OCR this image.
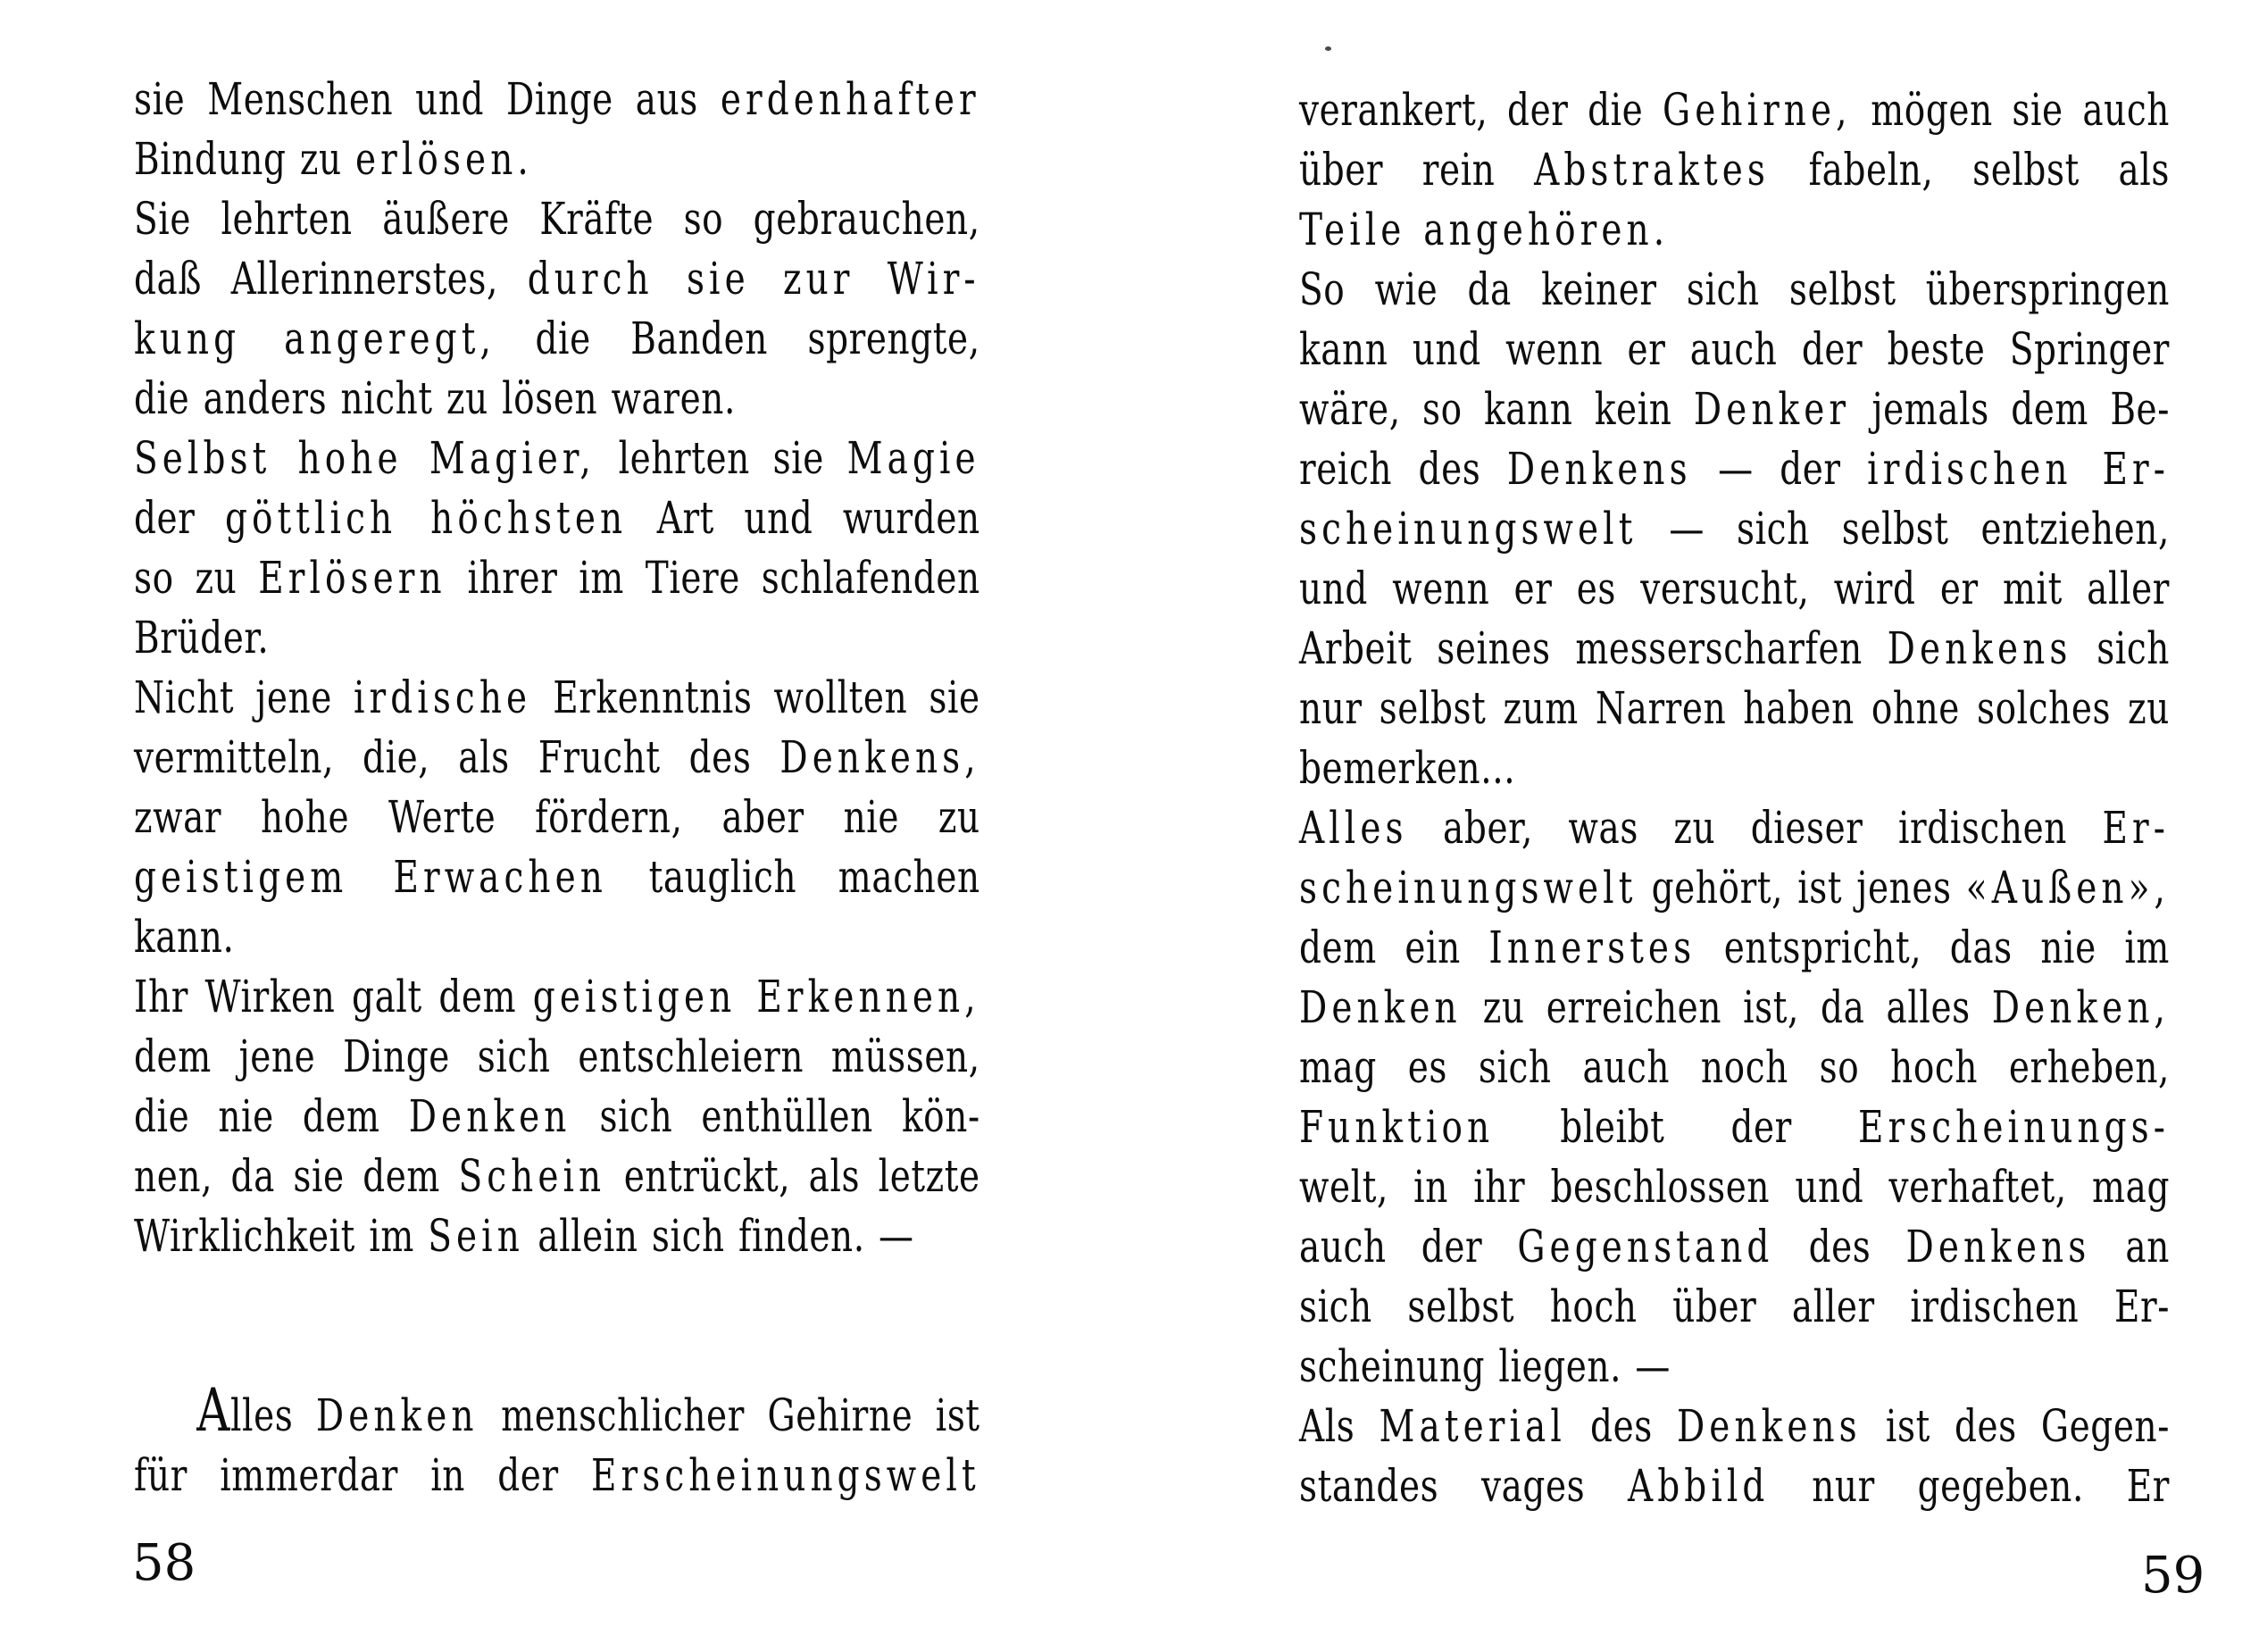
sie Menschen und Dinge aus erdenhafter
Bindung zu erlösen.
Sie lehrten äußere Kräfte so gebrauchen,
daß Allerinnerstes, durch sie zur Wir-
kung angeregt, die Banden sprengte,
die anders nicht zu lösen waren.
Selbst hohe Magier, lehrten sie Magie
der göttlich höchsten Art und wurden
so zu Erlösern ihrer im Tiere schlafenden
Brüder.
Nicht jene irdische Erkenntnis wollten sie
vermitteln, die, als Frucht des Denkens,
zwar hohe Werte fördern, aber nie zu
geistigem Erwachen tauglich machen
kann.
Ihr Wirken galt dem geistigen Erkennen,
dem jene Dinge sich entschleiern müssen,
die nie dem Denken sich enthüllen kön-
nen, da sie dem Schein entrückt, als letzte
Wirklichkeit im Sein allein sich finden. —
Alles Denken menschlicher Gehirne ist
für immerdar in der Erscheinungswelt
verankert, der die Gehirne, mögen sie auch
über rein Abstraktes fabeln, selbst als
Teile angehören.
So wie da keiner sich selbst überspringen
kann und wenn er auch der beste Springer
wäre, so kann kein Denker jemals dem Be-
reich des Denkens — der irdischen Er-
scheinungswelt — sich selbst entziehen,
und wenn er es versucht, wird er mit aller
Arbeit seines messerscharfen Denkens sich
nur selbst zum Narren haben ohne solches zu
bemerken...
Alles aber, was zu dieser irdischen Er-
scheinungswelt gehört, ist jenes «Außen»,
dem ein Innerstes entspricht, das nie im
Denken zu erreichen ist, da alles Denken,
mag es sich auch noch so hoch erheben,
Funktion bleibt der Erscheinungs-
welt, in ihr beschlossen und verhaftet, mag
auch der Gegenstand des Denkens an
sich selbst hoch über aller irdischen Er-
scheinung liegen. —
Als Material des Denkens ist des Gegen-
standes vages Abbild nur gegeben. Er
58	59
